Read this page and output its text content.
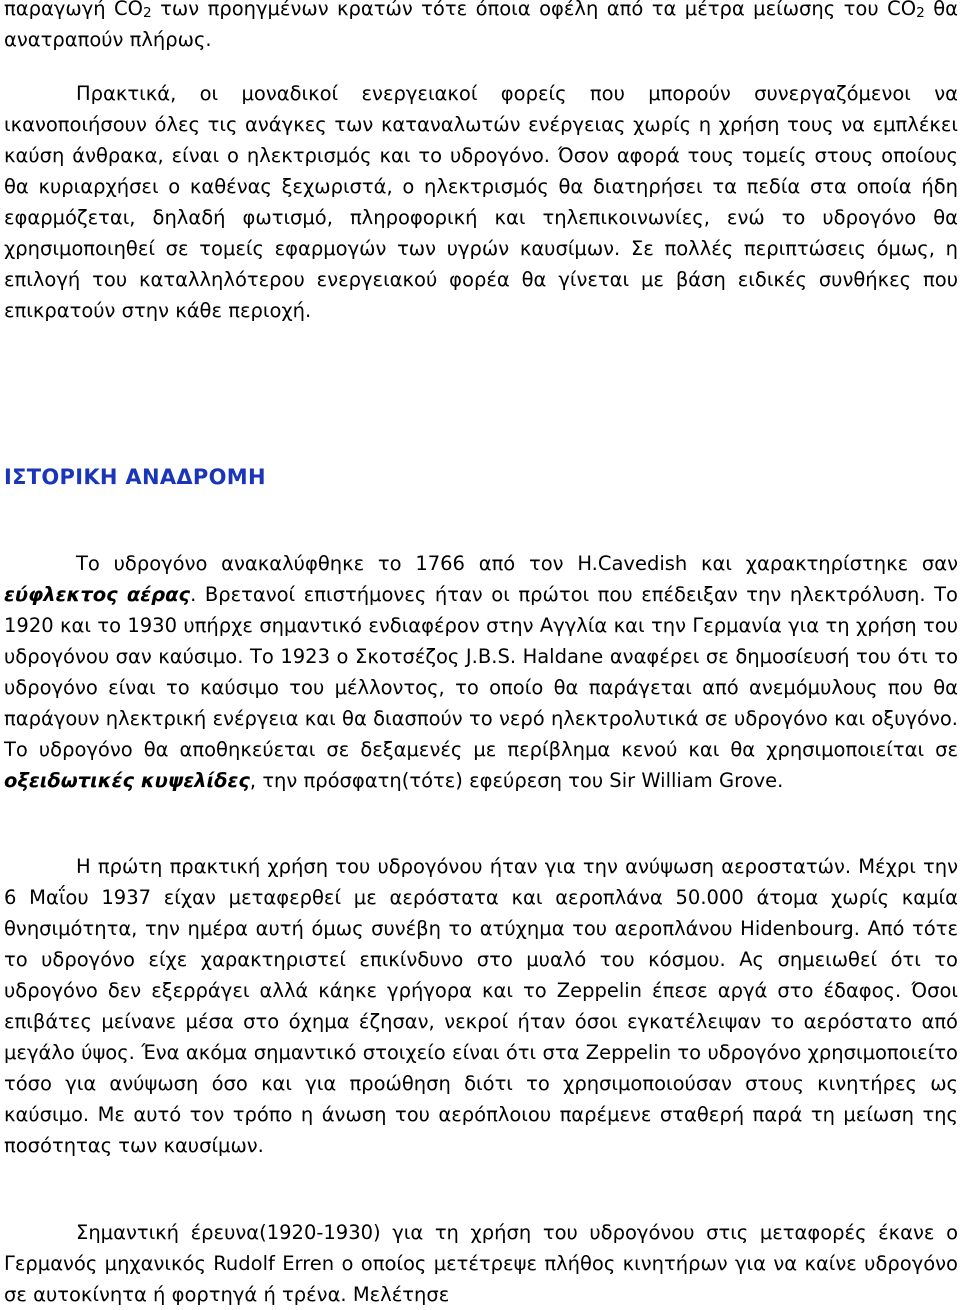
παραγωγή $CO_2$ των προηγμένων κρατών τότε όποια οφέλη από τα μέτρα μείωσης του $CO_2$ θα ανατραπούν πλήρως.

Πρακτικά, οι μοναδικοί ενεργειακοί φορείς που μπορούν συνεργαζόμενοι να ικανοποιήσουν όλες τις ανάγκες των καταναλωτών ενέργειας χωρίς η χρήση τους να εμπλέκει καύση άνθρακα, είναι ο ηλεκτρισμός και το υδρογόνο. Όσον αφορά τους τομείς στους οποίους θα κυριαρχήσει ο καθένας ξεχωριστά, ο ηλεκτρισμός θα διατηρήσει τα πεδία στα οποία ήδη εφαρμόζεται, δηλαδή φωτισμό, πληροφορική και τηλεπικοινωνίες, ενώ το υδρογόνο θα χρησιμοποιηθεί σε τομείς εφαρμογών των υγρών καυσίμων. Σε πολλές περιπτώσεις όμως, η επιλογή του καταλληλότερου ενεργειακού φορέα θα γίνεται με βάση ειδικές συνθήκες που επικρατούν στην κάθε περιοχή.

ΙΣΤΟΡΙΚΗ ΑΝΑΔΡΟΜΗ

Το υδρογόνο ανακαλύφθηκε το 1766 από τον H.Cavedish και χαρακτηρίστηκε σαν εύφλεκτος αέρας. Βρετανοί επιστήμονες ήταν οι πρώτοι που επέδειξαν την ηλεκτρόλυση. Το 1920 και το 1930 υπήρχε σημαντικό ενδιαφέρον στην Αγγλία και την Γερμανία για τη χρήση του υδρογόνου σαν καύσιμο. Το 1923 ο Σκοτσέζος J.B.S. Haldane αναφέρει σε δημοσίευσή του ότι το υδρογόνο είναι το καύσιμο του μέλλοντος, το οποίο θα παράγεται από ανεμόμυλους που θα παράγουν ηλεκτρική ενέργεια και θα διασπούν το νερό ηλεκτρολυτικά σε υδρογόνο και οξυγόνο. Το υδρογόνο θα αποθηκεύεται σε δεξαμενές με περίβλημα κενού και θα χρησιμοποιείται σε οξειδωτικές κυψελίδες, την πρόσφατη(τότε) εφεύρεση του Sir William Grove.

Η πρώτη πρακτική χρήση του υδρογόνου ήταν για την ανύψωση αεροστατών. Μέχρι την 6 Μαΐου 1937 είχαν μεταφερθεί με αερόστατα και αεροπλάνα 50.000 άτομα χωρίς καμία θνησιμότητα, την ημέρα αυτή όμως συνέβη το ατύχημα του αεροπλάνου Hidenbourg. Από τότε το υδρογόνο είχε χαρακτηριστεί επικίνδυνο στο μυαλό του κόσμου. Ας σημειωθεί ότι το υδρογόνο δεν εξερράγει αλλά κάηκε γρήγορα και το Zeppelin έπεσε αργά στο έδαφος. Όσοι επιβάτες μείνανε μέσα στο όχημα έζησαν, νεκροί ήταν όσοι εγκατέλειψαν το αερόστατο από μεγάλο ύψος. Ένα ακόμα σημαντικό στοιχείο είναι ότι στα Zeppelin το υδρογόνο χρησιμοποιείτο τόσο για ανύψωση όσο και για προώθηση διότι το χρησιμοποιούσαν στους κινητήρες ως καύσιμο. Με αυτό τον τρόπο η άνωση του αερόπλοιου παρέμενε σταθερή παρά τη μείωση της ποσότητας των καυσίμων.

Σημαντική έρευνα(1920-1930) για τη χρήση του υδρογόνου στις μεταφορές έκανε ο Γερμανός μηχανικός Rudolf Erren ο οποίος μετέτρεψε πλήθος κινητήρων για να καίνε υδρογόνο σε αυτοκίνητα ή φορτηγά ή τρένα. Μελέτησε
